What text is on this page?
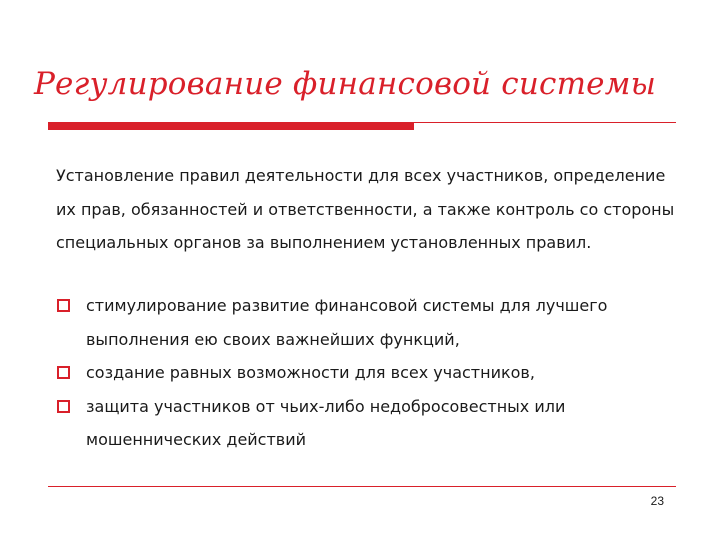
Регулирование финансовой системы
Установление правил деятельности для всех участников, определение их прав, обязанностей и ответственности, а также контроль со стороны специальных органов за выполнением установленных правил.
стимулирование развитие финансовой системы для лучшего выполнения ею своих важнейших функций,
создание равных возможности для всех участников,
защита участников от чьих-либо недобросовестных или мошеннических действий
23
